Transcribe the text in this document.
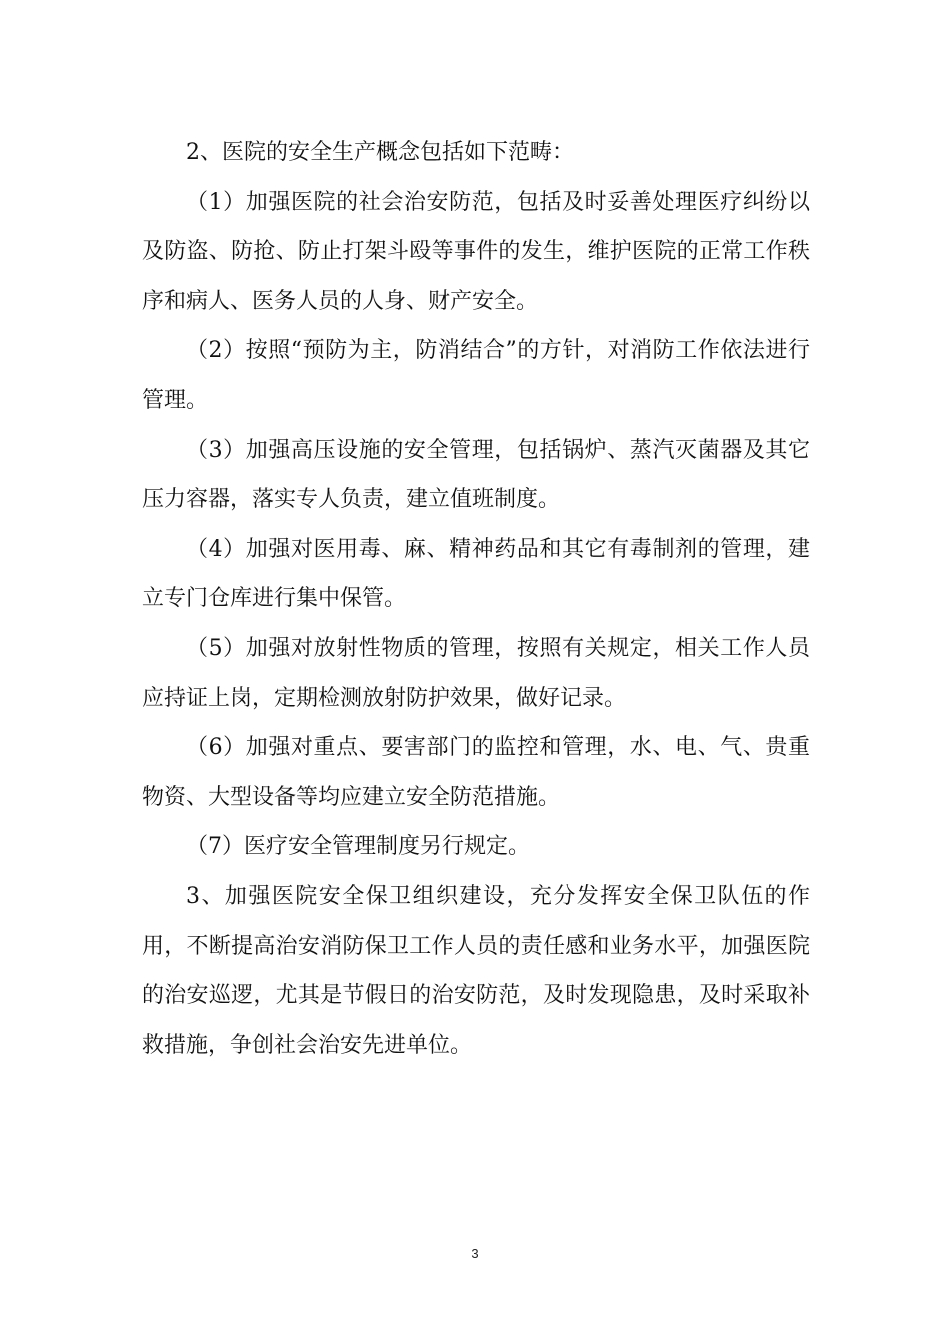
2、医院的安全生产概念包括如下范畴：

（1）加强医院的社会治安防范，包括及时妥善处理医疗纠纷以及防盗、防抢、防止打架斗殴等事件的发生，维护医院的正常工作秩序和病人、医务人员的人身、财产安全。

（2）按照“预防为主，防消结合”的方针，对消防工作依法进行管理。

（3）加强高压设施的安全管理，包括锅炉、蒸汽灭菌器及其它压力容器，落实专人负责，建立值班制度。

（4）加强对医用毒、麻、精神药品和其它有毒制剂的管理，建立专门仓库进行集中保管。

（5）加强对放射性物质的管理，按照有关规定，相关工作人员应持证上岗，定期检测放射防护效果，做好记录。

（6）加强对重点、要害部门的监控和管理，水、电、气、贵重物资、大型设备等均应建立安全防范措施。

（7）医疗安全管理制度另行规定。

3、加强医院安全保卫组织建设，充分发挥安全保卫队伍的作用，不断提高治安消防保卫工作人员的责任感和业务水平，加强医院的治安巡逻，尤其是节假日的治安防范，及时发现隐患，及时采取补救措施，争创社会治安先进单位。

3
